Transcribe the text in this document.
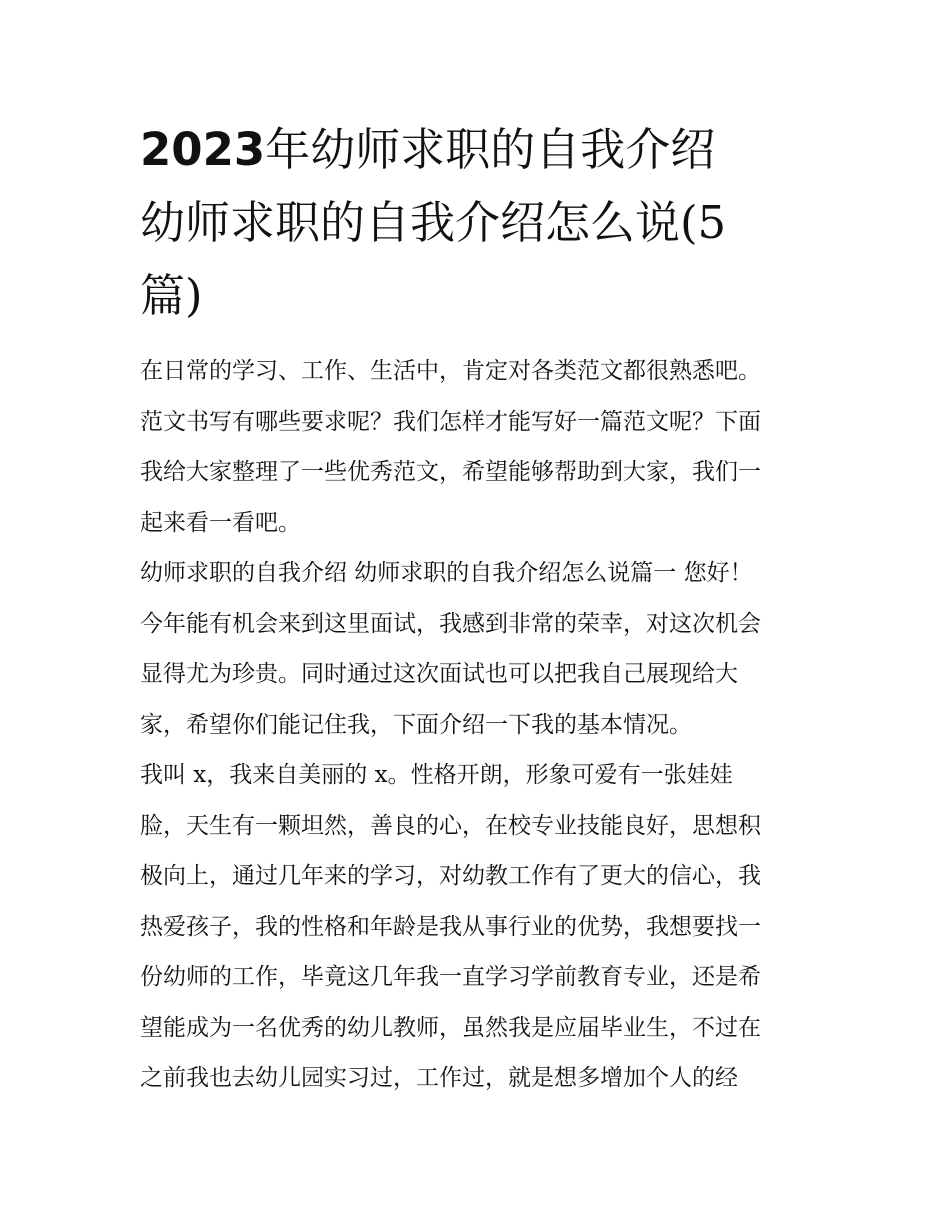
2023年幼师求职的自我介绍
幼师求职的自我介绍怎么说(5
篇)
在日常的学习、工作、生活中，肯定对各类范文都很熟悉吧。
范文书写有哪些要求呢？我们怎样才能写好一篇范文呢？下面
我给大家整理了一些优秀范文，希望能够帮助到大家，我们一
起来看一看吧。
幼师求职的自我介绍 幼师求职的自我介绍怎么说篇一 您好！
今年能有机会来到这里面试，我感到非常的荣幸，对这次机会
显得尤为珍贵。同时通过这次面试也可以把我自己展现给大
家，希望你们能记住我，下面介绍一下我的基本情况。
我叫 x，我来自美丽的 x。性格开朗，形象可爱有一张娃娃
脸，天生有一颗坦然，善良的心，在校专业技能良好，思想积
极向上，通过几年来的学习，对幼教工作有了更大的信心，我
热爱孩子，我的性格和年龄是我从事行业的优势，我想要找一
份幼师的工作，毕竟这几年我一直学习学前教育专业，还是希
望能成为一名优秀的幼儿教师，虽然我是应届毕业生，不过在
之前我也去幼儿园实习过，工作过，就是想多增加个人的经
